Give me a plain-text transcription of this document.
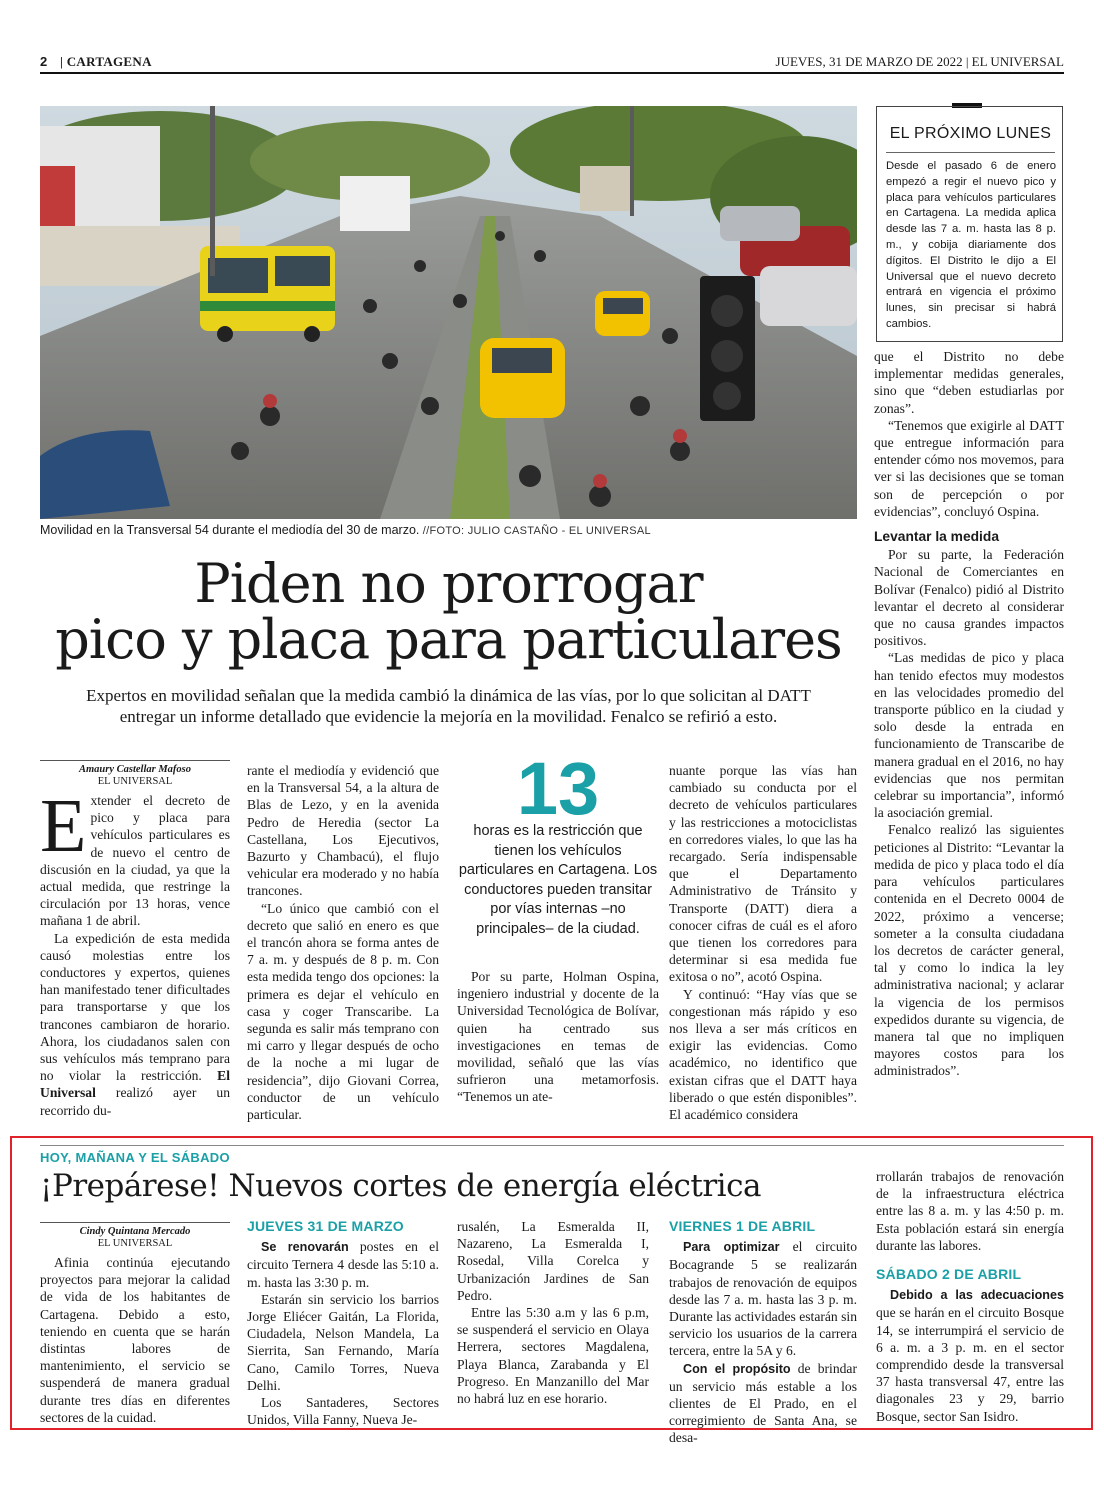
2 | CARTAGENA	JUEVES, 31 DE MARZO DE 2022 | EL UNIVERSAL
Movilidad en la Transversal 54 durante el mediodía del 30 de marzo. //FOTO: JULIO CASTAÑO - EL UNIVERSAL
Piden no prorrogar
pico y placa para particulares
Expertos en movilidad señalan que la medida cambió la dinámica de las vías, por lo que solicitan al DATT
entregar un informe detallado que evidencie la mejoría en la movilidad. Fenalco se refirió a esto.
EL PRÓXIMO LUNES
Desde el pasado 6 de enero empezó a regir el nuevo pico y placa para vehículos particulares en Cartagena. La medida aplica desde las 7 a. m. hasta las 8 p. m., y cobija diariamente dos dígitos. El Distrito le dijo a El Universal que el nuevo decreto entrará en vigencia el próximo lunes, sin precisar si habrá cambios.

que el Distrito no debe implementar medidas generales, sino que “deben estudiarlas por zonas”.

“Tenemos que exigirle al DATT que entregue información para entender cómo nos movemos, para ver si las decisiones que se toman son de percepción o por evidencias”, concluyó Ospina.

Levantar la medida

Por su parte, la Federación Nacional de Comerciantes en Bolívar (Fenalco) pidió al Distrito levantar el decreto al considerar que no causa grandes impactos positivos.

“Las medidas de pico y placa han tenido efectos muy modestos en las velocidades promedio del transporte público en la ciudad y solo desde la entrada en funcionamiento de Transcaribe de manera gradual en el 2016, no hay evidencias que nos permitan celebrar su importancia”, informó la asociación gremial.

Fenalco realizó las siguientes peticiones al Distrito: “Levantar la medida de pico y placa todo el día para vehículos particulares contenida en el Decreto 0004 de 2022, próximo a vencerse; someter a la consulta ciudadana los decretos de carácter general, tal y como lo indica la ley administrativa nacional; y aclarar la vigencia de los permisos expedidos durante su vigencia, de manera tal que no impliquen mayores costos para los administrados”.

Amaury Castellar Mafoso
EL UNIVERSAL

Extender el decreto de pico y placa para vehículos particulares es de nuevo el centro de discusión en la ciudad, ya que la actual medida, que restringe la circulación por 13 horas, vence mañana 1 de abril.

La expedición de esta medida causó molestias entre los conductores y expertos, quienes han manifestado tener dificultades para transportarse y que los trancones cambiaron de horario. Ahora, los ciudadanos salen con sus vehículos más temprano para no violar la restricción. El Universal realizó ayer un recorrido du-

rante el mediodía y evidenció que en la Transversal 54, a la altura de Blas de Lezo, y en la avenida Pedro de Heredia (sector La Castellana, Los Ejecutivos, Bazurto y Chambacú), el flujo vehicular era moderado y no había trancones.

“Lo único que cambió con el decreto que salió en enero es que el trancón ahora se forma antes de 7 a. m. y después de 8 p. m. Con esta medida tengo dos opciones: la primera es dejar el vehículo en casa y coger Transcaribe. La segunda es salir más temprano con mi carro y llegar después de ocho de la noche a mi lugar de residencia”, dijo Giovani Correa, conductor de un vehículo particular.

13
horas es la restricción que tienen los vehículos particulares en Cartagena. Los conductores pueden transitar por vías internas –no principales– de la ciudad.

Por su parte, Holman Ospina, ingeniero industrial y docente de la Universidad Tecnológica de Bolívar, quien ha centrado sus investigaciones en temas de movilidad, señaló que las vías sufrieron una metamorfosis. “Tenemos un ate-

nuante porque las vías han cambiado su conducta por el decreto de vehículos particulares y las restricciones a motociclistas en corredores viales, lo que las ha recargado. Sería indispensable que el Departamento Administrativo de Tránsito y Transporte (DATT) diera a conocer cifras de cuál es el aforo que tienen los corredores para determinar si esa medida fue exitosa o no”, acotó Ospina.

Y continuó: “Hay vías que se congestionan más rápido y eso nos lleva a ser más críticos en exigir las evidencias. Como académico, no identifico que existan cifras que el DATT haya liberado o que estén disponibles”. El académico considera

HOY, MAÑANA Y EL SÁBADO
¡Prepárese! Nuevos cortes de energía eléctrica
Cindy Quintana Mercado
EL UNIVERSAL

Afinia continúa ejecutando proyectos para mejorar la calidad de vida de los habitantes de Cartagena. Debido a esto, teniendo en cuenta que se harán distintas labores de mantenimiento, el servicio se suspenderá de manera gradual durante tres días en diferentes sectores de la cuidad.

JUEVES 31 DE MARZO

Se renovarán postes en el circuito Ternera 4 desde las 5:10 a. m. hasta las 3:30 p. m.

Estarán sin servicio los barrios Jorge Eliécer Gaitán, La Florida, Ciudadela, Nelson Mandela, La Sierrita, San Fernando, María Cano, Camilo Torres, Nueva Delhi.

Los Santaderes, Sectores Unidos, Villa Fanny, Nueva Je-

rusalén, La Esmeralda II, Nazareno, La Esmeralda I, Rosedal, Villa Corelca y Urbanización Jardines de San Pedro.

Entre las 5:30 a.m y las 6 p.m, se suspenderá el servicio en Olaya Herrera, sectores Magdalena, Playa Blanca, Zarabanda y El Progreso. En Manzanillo del Mar no habrá luz en ese horario.

VIERNES 1 DE ABRIL

Para optimizar el circuito Bocagrande 5 se realizarán trabajos de renovación de equipos desde las 7 a. m. hasta las 3 p. m. Durante las actividades estarán sin servicio los usuarios de la carrera tercera, entre la 5A y 6.

Con el propósito de brindar un servicio más estable a los clientes de El Prado, en el corregimiento de Santa Ana, se desa-

rrollarán trabajos de renovación de la infraestructura eléctrica entre las 8 a. m. y las 4:50 p. m. Esta población estará sin energía durante las labores.

SÁBADO 2 DE ABRIL

Debido a las adecuaciones que se harán en el circuito Bosque 14, se interrumpirá el servicio de 6 a. m. a 3 p. m. en el sector comprendido desde la transversal 37 hasta transversal 47, entre las diagonales 23 y 29, barrio Bosque, sector San Isidro.
